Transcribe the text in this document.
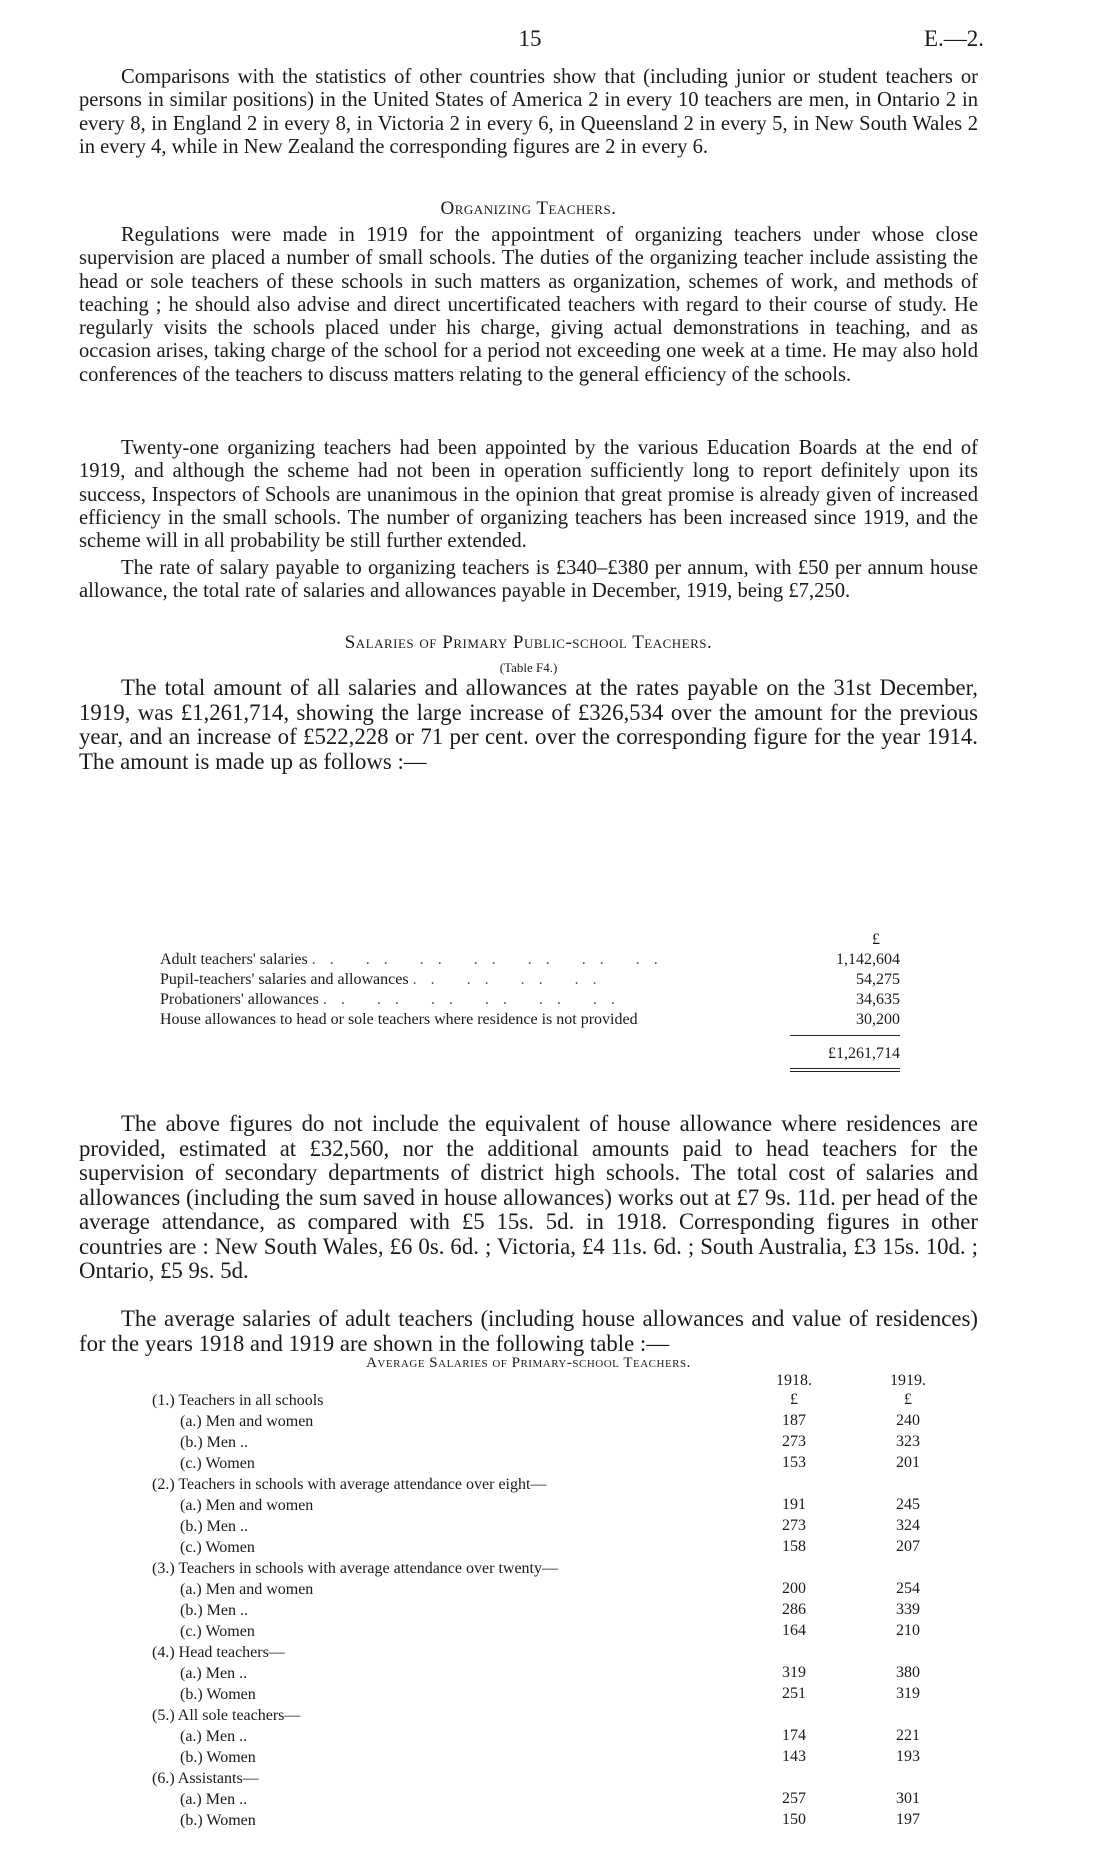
15	E.—2.

Comparisons with the statistics of other countries show that (including junior or student teachers or persons in similar positions) in the United States of America 2 in every 10 teachers are men, in Ontario 2 in every 8, in England 2 in every 8, in Victoria 2 in every 6, in Queensland 2 in every 5, in New South Wales 2 in every 4, while in New Zealand the corresponding figures are 2 in every 6.

Organizing Teachers.

Regulations were made in 1919 for the appointment of organizing teachers under whose close supervision are placed a number of small schools. The duties of the organizing teacher include assisting the head or sole teachers of these schools in such matters as organization, schemes of work, and methods of teaching ; he should also advise and direct uncertificated teachers with regard to their course of study. He regularly visits the schools placed under his charge, giving actual demonstrations in teaching, and as occasion arises, taking charge of the school for a period not exceeding one week at a time. He may also hold conferences of the teachers to discuss matters relating to the general efficiency of the schools.

Twenty-one organizing teachers had been appointed by the various Education Boards at the end of 1919, and although the scheme had not been in operation sufficiently long to report definitely upon its success, Inspectors of Schools are unanimous in the opinion that great promise is already given of increased efficiency in the small schools. The number of organizing teachers has been increased since 1919, and the scheme will in all probability be still further extended.

The rate of salary payable to organizing teachers is £340–£380 per annum, with £50 per annum house allowance, the total rate of salaries and allowances payable in December, 1919, being £7,250.

Salaries of Primary Public-school Teachers.
(Table F4.)

The total amount of all salaries and allowances at the rates payable on the 31st December, 1919, was £1,261,714, showing the large increase of £326,534 over the amount for the previous year, and an increase of £522,228 or 71 per cent. over the corresponding figure for the year 1914. The amount is made up as follows :—

£
Adult teachers' salaries .. .. .. .. .. .. ..	1,142,604
Pupil-teachers' salaries and allowances .. .. .. ..	54,275
Probationers' allowances .. .. .. .. .. ..	34,635
House allowances to head or sole teachers where residence is not provided	30,200
£1,261,714

The above figures do not include the equivalent of house allowance where residences are provided, estimated at £32,560, nor the additional amounts paid to head teachers for the supervision of secondary departments of district high schools. The total cost of salaries and allowances (including the sum saved in house allowances) works out at £7 9s. 11d. per head of the average attendance, as compared with £5 15s. 5d. in 1918. Corresponding figures in other countries are : New South Wales, £6 0s. 6d. ; Victoria, £4 11s. 6d. ; South Australia, £3 15s. 10d. ; Ontario, £5 9s. 5d.

The average salaries of adult teachers (including house allowances and value of residences) for the years 1918 and 1919 are shown in the following table :—

Average Salaries of Primary-school Teachers.
1918.	1919.
£	£
(1.) Teachers in all schools
(a.) Men and women	187	240
(b.) Men ..	273	323
(c.) Women	153	201
(2.) Teachers in schools with average attendance over eight—
(a.) Men and women	191	245
(b.) Men ..	273	324
(c.) Women	158	207
(3.) Teachers in schools with average attendance over twenty—
(a.) Men and women	200	254
(b.) Men ..	286	339
(c.) Women	164	210
(4.) Head teachers—
(a.) Men ..	319	380
(b.) Women	251	319
(5.) All sole teachers—
(a.) Men ..	174	221
(b.) Women	143	193
(6.) Assistants—
(a.) Men ..	257	301
(b.) Women	150	197
